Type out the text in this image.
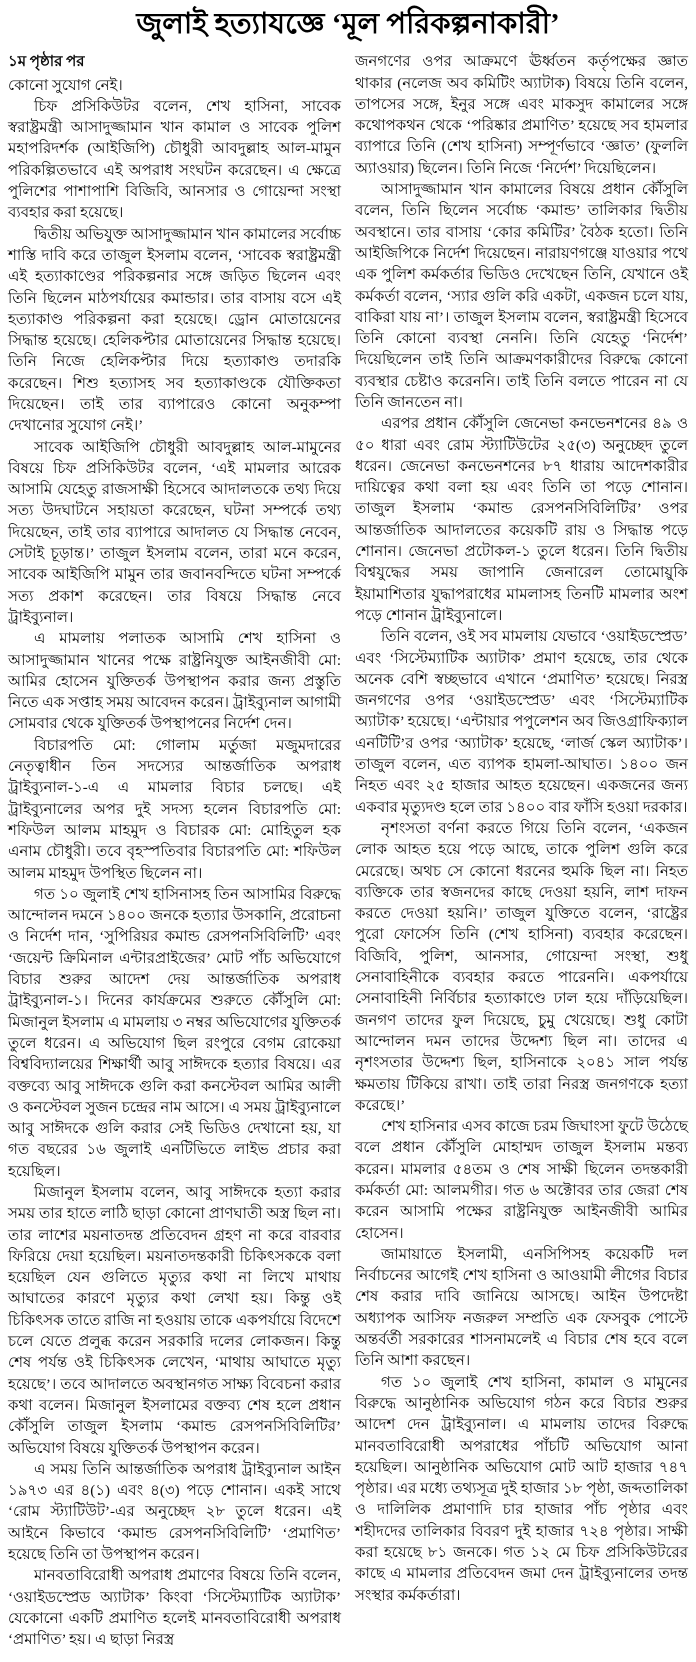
জুলাই হত্যাযজ্ঞে ‘মূল পরিকল্পনাকারী’

১ম পৃষ্ঠার পর

কোনো সুযোগ নেই।

চিফ প্রসিকিউটর বলেন, শেখ হাসিনা, সাবেক স্বরাষ্ট্রমন্ত্রী আসাদুজ্জামান খান কামাল ও সাবেক পুলিশ মহাপরিদর্শক (আইজিপি) চৌধুরী আবদুল্লাহ আল-মামুন পরিকল্পিতভাবে এই অপরাধ সংঘটন করেছেন। এ ক্ষেত্রে পুলিশের পাশাপাশি বিজিবি, আনসার ও গোয়েন্দা সংস্থা ব্যবহার করা হয়েছে।

দ্বিতীয় অভিযুক্ত আসাদুজ্জামান খান কামালের সর্বোচ্চ শাস্তি দাবি করে তাজুল ইসলাম বলেন, ‘সাবেক স্বরাষ্ট্রমন্ত্রী এই হত্যাকাণ্ডের পরিকল্পনার সঙ্গে জড়িত ছিলেন এবং তিনি ছিলেন মাঠপর্যায়ের কমান্ডার। তার বাসায় বসে এই হত্যাকাণ্ড পরিকল্পনা করা হয়েছে। ড্রোন মোতায়েনের সিদ্ধান্ত হয়েছে। হেলিকপ্টার মোতায়েনের সিদ্ধান্ত হয়েছে। তিনি নিজে হেলিকপ্টার দিয়ে হত্যাকাণ্ড তদারকি করেছেন। শিশু হত্যাসহ সব হত্যাকাণ্ডকে যৌক্তিকতা দিয়েছেন। তাই তার ব্যাপারেও কোনো অনুকম্পা দেখানোর সুযোগ নেই।’

সাবেক আইজিপি চৌধুরী আবদুল্লাহ আল-মামুনের বিষয়ে চিফ প্রসিকিউটর বলেন, ‘এই মামলার আরেক আসামি যেহেতু রাজসাক্ষী হিসেবে আদালতকে তথ্য দিয়ে সত্য উদঘাটনে সহায়তা করেছেন, ঘটনা সম্পর্কে তথ্য দিয়েছেন, তাই তার ব্যাপারে আদালত যে সিদ্ধান্ত নেবেন, সেটাই চূড়ান্ত।’ তাজুল ইসলাম বলেন, তারা মনে করেন, সাবেক আইজিপি মামুন তার জবানবন্দিতে ঘটনা সম্পর্কে সত্য প্রকাশ করেছেন। তার বিষয়ে সিদ্ধান্ত নেবে ট্রাইব্যুনাল।

এ মামলায় পলাতক আসামি শেখ হাসিনা ও আসাদুজ্জামান খানের পক্ষে রাষ্ট্রনিযুক্ত আইনজীবী মো: আমির হোসেন যুক্তিতর্ক উপস্থাপন করার জন্য প্রস্তুতি নিতে এক সপ্তাহ সময় আবেদন করেন। ট্রাইব্যুনাল আগামী সোমবার থেকে যুক্তিতর্ক উপস্থাপনের নির্দেশ দেন।

বিচারপতি মো: গোলাম মর্তুজা মজুমদারের নেতৃত্বাধীন তিন সদস্যের আন্তর্জাতিক অপরাধ ট্রাইব্যুনাল-১-এ এ মামলার বিচার চলছে। এই ট্রাইব্যুনালের অপর দুই সদস্য হলেন বিচারপতি মো: শফিউল আলম মাহমুদ ও বিচারক মো: মোহিতুল হক এনাম চৌধুরী। তবে বৃহস্পতিবার বিচারপতি মো: শফিউল আলম মাহমুদ উপস্থিত ছিলেন না।

গত ১০ জুলাই শেখ হাসিনাসহ তিন আসামির বিরুদ্ধে আন্দোলন দমনে ১৪০০ জনকে হত্যার উসকানি, প্ররোচনা ও নির্দেশ দান, ‘সুপিরিয়র কমান্ড রেসপনসিবিলিটি’ এবং ‘জয়েন্ট ক্রিমিনাল এন্টারপ্রাইজের’ মোট পাঁচ অভিযোগে বিচার শুরুর আদেশ দেয় আন্তর্জাতিক অপরাধ ট্রাইব্যুনাল-১। দিনের কার্যক্রমের শুরুতে কৌঁসুলি মো: মিজানুল ইসলাম এ মামলায় ৩ নম্বর অভিযোগের যুক্তিতর্ক তুলে ধরেন। এ অভিযোগ ছিল রংপুরে বেগম রোকেয়া বিশ্ববিদ্যালয়ের শিক্ষার্থী আবু সাঈদকে হত্যার বিষয়ে। এর বক্তব্যে আবু সাঈদকে গুলি করা কনস্টেবল আমির আলী ও কনস্টেবল সুজন চন্দ্রের নাম আসে। এ সময় ট্রাইব্যুনালে আবু সাঈদকে গুলি করার সেই ভিডিও দেখানো হয়, যা গত বছরের ১৬ জুলাই এনটিভিতে লাইভ প্রচার করা হয়েছিল।

মিজানুল ইসলাম বলেন, আবু সাঈদকে হত্যা করার সময় তার হাতে লাঠি ছাড়া কোনো প্রাণঘাতী অস্ত্র ছিল না। তার লাশের ময়নাতদন্ত প্রতিবেদন গ্রহণ না করে বারবার ফিরিয়ে দেয়া হয়েছিল। ময়নাতদন্তকারী চিকিৎসককে বলা হয়েছিল যেন গুলিতে মৃত্যুর কথা না লিখে মাথায় আঘাতের কারণে মৃত্যুর কথা লেখা হয়। কিন্তু ওই চিকিৎসক তাতে রাজি না হওয়ায় তাকে একপর্যায়ে বিদেশে চলে যেতে প্রলুব্ধ করেন সরকারি দলের লোকজন। কিন্তু শেষ পর্যন্ত ওই চিকিৎসক লেখেন, ‘মাথায় আঘাতে মৃত্যু হয়েছে’। তবে আদালতে অবস্থানগত সাক্ষ্য বিবেচনা করার কথা বলেন। মিজানুল ইসলামের বক্তব্য শেষ হলে প্রধান কৌঁসুলি তাজুল ইসলাম ‘কমান্ড রেসপনসিবিলিটির’ অভিযোগ বিষয়ে যুক্তিতর্ক উপস্থাপন করেন।

এ সময় তিনি আন্তর্জাতিক অপরাধ ট্রাইব্যুনাল আইন ১৯৭৩ এর ৪(১) এবং ৪(৩) পড়ে শোনান। একই সাথে ‘রোম স্ট্যাটিউট’-এর অনুচ্ছেদ ২৮ তুলে ধরেন। এই আইনে কিভাবে ‘কমান্ড রেসপনসিবিলিটি’ ‘প্রমাণিত’ হয়েছে তিনি তা উপস্থাপন করেন।

মানবতাবিরোধী অপরাধ প্রমাণের বিষয়ে তিনি বলেন, ‘ওয়াইডস্প্রেড অ্যাটাক’ কিংবা ‘সিস্টেম্যাটিক অ্যাটাক’ যেকোনো একটি প্রমাণিত হলেই মানবতাবিরোধী অপরাধ ‘প্রমাণিত’ হয়। এ ছাড়া নিরস্ত্র

জনগণের ওপর আক্রমণে ঊর্ধ্বতন কর্তৃপক্ষের জ্ঞাত থাকার (নলেজ অব কমিটিং অ্যাটাক) বিষয়ে তিনি বলেন, তাপসের সঙ্গে, ইনুর সঙ্গে এবং মাকসুদ কামালের সঙ্গে কথোপকথন থেকে ‘পরিষ্কার প্রমাণিত’ হয়েছে সব হামলার ব্যাপারে তিনি (শেখ হাসিনা) সম্পূর্ণভাবে ‘জ্ঞাত’ (ফুললি অ্যাওয়ার) ছিলেন। তিনি নিজে ‘নির্দেশ’ দিয়েছিলেন।

আসাদুজ্জামান খান কামালের বিষয়ে প্রধান কৌঁসুলি বলেন, তিনি ছিলেন সর্বোচ্চ ‘কমান্ড’ তালিকার দ্বিতীয় অবস্থানে। তার বাসায় ‘কোর কমিটির’ বৈঠক হতো। তিনি আইজিপিকে নির্দেশ দিয়েছেন। নারায়ণগঞ্জে যাওয়ার পথে এক পুলিশ কর্মকর্তার ভিডিও দেখেছেন তিনি, যেখানে ওই কর্মকর্তা বলেন, ‘স্যার গুলি করি একটা, একজন চলে যায়, বাকিরা যায় না’। তাজুল ইসলাম বলেন, স্বরাষ্ট্রমন্ত্রী হিসেবে তিনি কোনো ব্যবস্থা নেননি। তিনি যেহেতু ‘নির্দেশ’ দিয়েছিলেন তাই তিনি আক্রমণকারীদের বিরুদ্ধে কোনো ব্যবস্থার চেষ্টাও করেননি। তাই তিনি বলতে পারেন না যে তিনি জানতেন না।

এরপর প্রধান কৌঁসুলি জেনেভা কনভেনশনের ৪৯ ও ৫০ ধারা এবং রোম স্ট্যাটিউটের ২৫(৩) অনুচ্ছেদ তুলে ধরেন। জেনেভা কনভেনশনের ৮৭ ধারায় আদেশকারীর দায়িত্বের কথা বলা হয় এবং তিনি তা পড়ে শোনান। তাজুল ইসলাম ‘কমান্ড রেসপনসিবিলিটির’ ওপর আন্তর্জাতিক আদালতের কয়েকটি রায় ও সিদ্ধান্ত পড়ে শোনান। জেনেভা প্রটোকল-১ তুলে ধরেন। তিনি দ্বিতীয় বিশ্বযুদ্ধের সময় জাপানি জেনারেল তোমোয়ুকি ইয়ামাশিতার যুদ্ধাপরাধের মামলাসহ তিনটি মামলার অংশ পড়ে শোনান ট্রাইব্যুনালে।

তিনি বলেন, ওই সব মামলায় যেভাবে ‘ওয়াইডস্প্রেড’ এবং ‘সিস্টেম্যাটিক অ্যাটাক’ প্রমাণ হয়েছে, তার থেকে অনেক বেশি স্বচ্ছভাবে এখানে ‘প্রমাণিত’ হয়েছে। নিরস্ত্র জনগণের ওপর ‘ওয়াইডস্প্রেড’ এবং ‘সিস্টেম্যাটিক অ্যাটাক’ হয়েছে। ‘এন্টায়ার পপুলেশন অব জিওগ্রাফিক্যাল এনটিটি’র ওপর ‘অ্যাটাক’ হয়েছে, ‘লার্জ স্কেল অ্যাটাক’। তাজুল বলেন, এত ব্যাপক হামলা-আঘাত। ১৪০০ জন নিহত এবং ২৫ হাজার আহত হয়েছেন। একজনের জন্য একবার মৃত্যুদণ্ড হলে তার ১৪০০ বার ফাঁসি হওয়া দরকার।

নৃশংসতা বর্ণনা করতে গিয়ে তিনি বলেন, ‘একজন লোক আহত হয়ে পড়ে আছে, তাকে পুলিশ গুলি করে মেরেছে। অথচ সে কোনো ধরনের হুমকি ছিল না। নিহত ব্যক্তিকে তার স্বজনদের কাছে দেওয়া হয়নি, লাশ দাফন করতে দেওয়া হয়নি।’ তাজুল যুক্তিতে বলেন, ‘রাষ্ট্রের পুরো ফোর্সেস তিনি (শেখ হাসিনা) ব্যবহার করেছেন। বিজিবি, পুলিশ, আনসার, গোয়েন্দা সংস্থা, শুধু সেনাবাহিনীকে ব্যবহার করতে পারেননি। একপর্যায়ে সেনাবাহিনী নির্বিচার হত্যাকাণ্ডে ঢাল হয়ে দাঁড়িয়েছিল। জনগণ তাদের ফুল দিয়েছে, চুমু খেয়েছে। শুধু কোটা আন্দোলন দমন তাদের উদ্দেশ্য ছিল না। তাদের এ নৃশংসতার উদ্দেশ্য ছিল, হাসিনাকে ২০৪১ সাল পর্যন্ত ক্ষমতায় টিকিয়ে রাখা। তাই তারা নিরস্ত্র জনগণকে হত্যা করেছে।’

শেখ হাসিনার এসব কাজে চরম জিঘাংসা ফুটে উঠেছে বলে প্রধান কৌঁসুলি মোহাম্মদ তাজুল ইসলাম মন্তব্য করেন। মামলার ৫৪তম ও শেষ সাক্ষী ছিলেন তদন্তকারী কর্মকর্তা মো: আলমগীর। গত ৬ অক্টোবর তার জেরা শেষ করেন আসামি পক্ষের রাষ্ট্রনিযুক্ত আইনজীবী আমির হোসেন।

জামায়াতে ইসলামী, এনসিপিসহ কয়েকটি দল নির্বাচনের আগেই শেখ হাসিনা ও আওয়ামী লীগের বিচার শেষ করার দাবি জানিয়ে আসছে। আইন উপদেষ্টা অধ্যাপক আসিফ নজরুল সম্প্রতি এক ফেসবুক পোস্টে অন্তর্বর্তী সরকারের শাসনামলেই এ বিচার শেষ হবে বলে তিনি আশা করছেন।

গত ১০ জুলাই শেখ হাসিনা, কামাল ও মামুনের বিরুদ্ধে আনুষ্ঠানিক অভিযোগ গঠন করে বিচার শুরুর আদেশ দেন ট্রাইব্যুনাল। এ মামলায় তাদের বিরুদ্ধে মানবতাবিরোধী অপরাধের পাঁচটি অভিযোগ আনা হয়েছিল। আনুষ্ঠানিক অভিযোগ মোট আট হাজার ৭৪৭ পৃষ্ঠার। এর মধ্যে তথ্যসূত্র দুই হাজার ১৮ পৃষ্ঠা, জব্দতালিকা ও দালিলিক প্রমাণাদি চার হাজার পাঁচ পৃষ্ঠার এবং শহীদদের তালিকার বিবরণ দুই হাজার ৭২৪ পৃষ্ঠার। সাক্ষী করা হয়েছে ৮১ জনকে। গত ১২ মে চিফ প্রসিকিউটরের কাছে এ মামলার প্রতিবেদন জমা দেন ট্রাইব্যুনালের তদন্ত সংস্থার কর্মকর্তারা।
